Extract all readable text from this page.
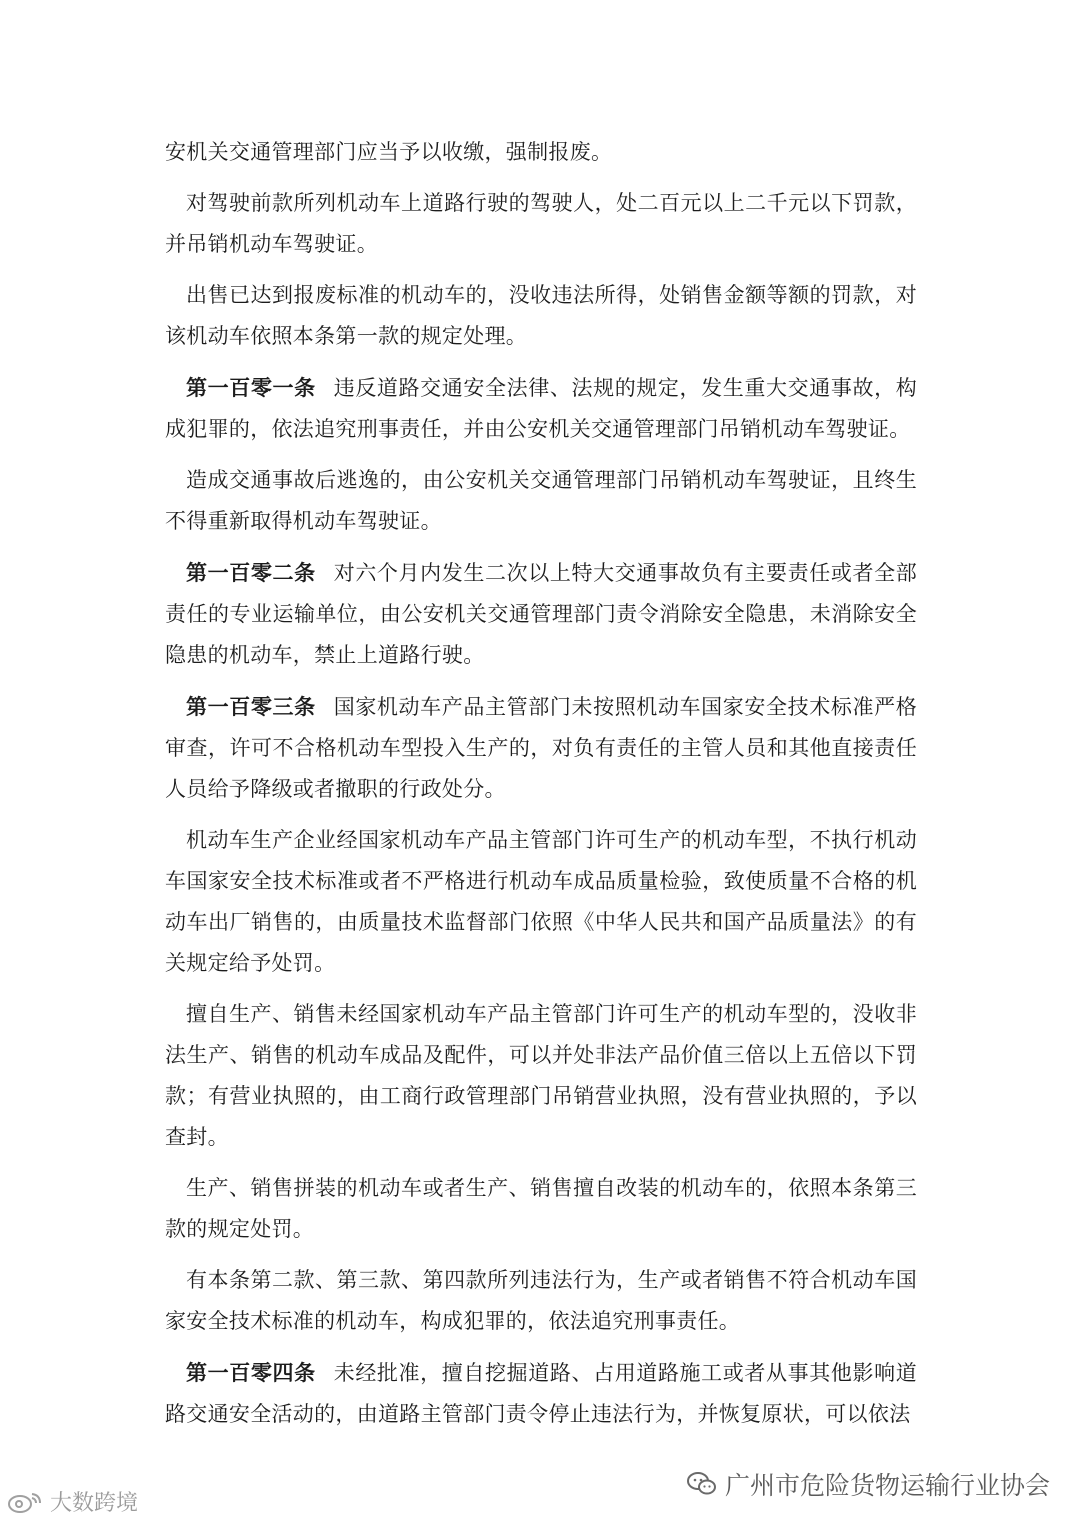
安机关交通管理部门应当予以收缴，强制报废。

对驾驶前款所列机动车上道路行驶的驾驶人，处二百元以上二千元以下罚款，并吊销机动车驾驶证。

出售已达到报废标准的机动车的，没收违法所得，处销售金额等额的罚款，对该机动车依照本条第一款的规定处理。

第一百零一条 违反道路交通安全法律、法规的规定，发生重大交通事故，构成犯罪的，依法追究刑事责任，并由公安机关交通管理部门吊销机动车驾驶证。

造成交通事故后逃逸的，由公安机关交通管理部门吊销机动车驾驶证，且终生不得重新取得机动车驾驶证。

第一百零二条 对六个月内发生二次以上特大交通事故负有主要责任或者全部责任的专业运输单位，由公安机关交通管理部门责令消除安全隐患，未消除安全隐患的机动车，禁止上道路行驶。

第一百零三条 国家机动车产品主管部门未按照机动车国家安全技术标准严格审查，许可不合格机动车型投入生产的，对负有责任的主管人员和其他直接责任人员给予降级或者撤职的行政处分。

机动车生产企业经国家机动车产品主管部门许可生产的机动车型，不执行机动车国家安全技术标准或者不严格进行机动车成品质量检验，致使质量不合格的机动车出厂销售的，由质量技术监督部门依照《中华人民共和国产品质量法》的有关规定给予处罚。

擅自生产、销售未经国家机动车产品主管部门许可生产的机动车型的，没收非法生产、销售的机动车成品及配件，可以并处非法产品价值三倍以上五倍以下罚款；有营业执照的，由工商行政管理部门吊销营业执照，没有营业执照的，予以查封。

生产、销售拼装的机动车或者生产、销售擅自改装的机动车的，依照本条第三款的规定处罚。

有本条第二款、第三款、第四款所列违法行为，生产或者销售不符合机动车国家安全技术标准的机动车，构成犯罪的，依法追究刑事责任。

第一百零四条 未经批准，擅自挖掘道路、占用道路施工或者从事其他影响道路交通安全活动的，由道路主管部门责令停止违法行为，并恢复原状，可以依法

大数跨境
广州市危险货物运输行业协会
